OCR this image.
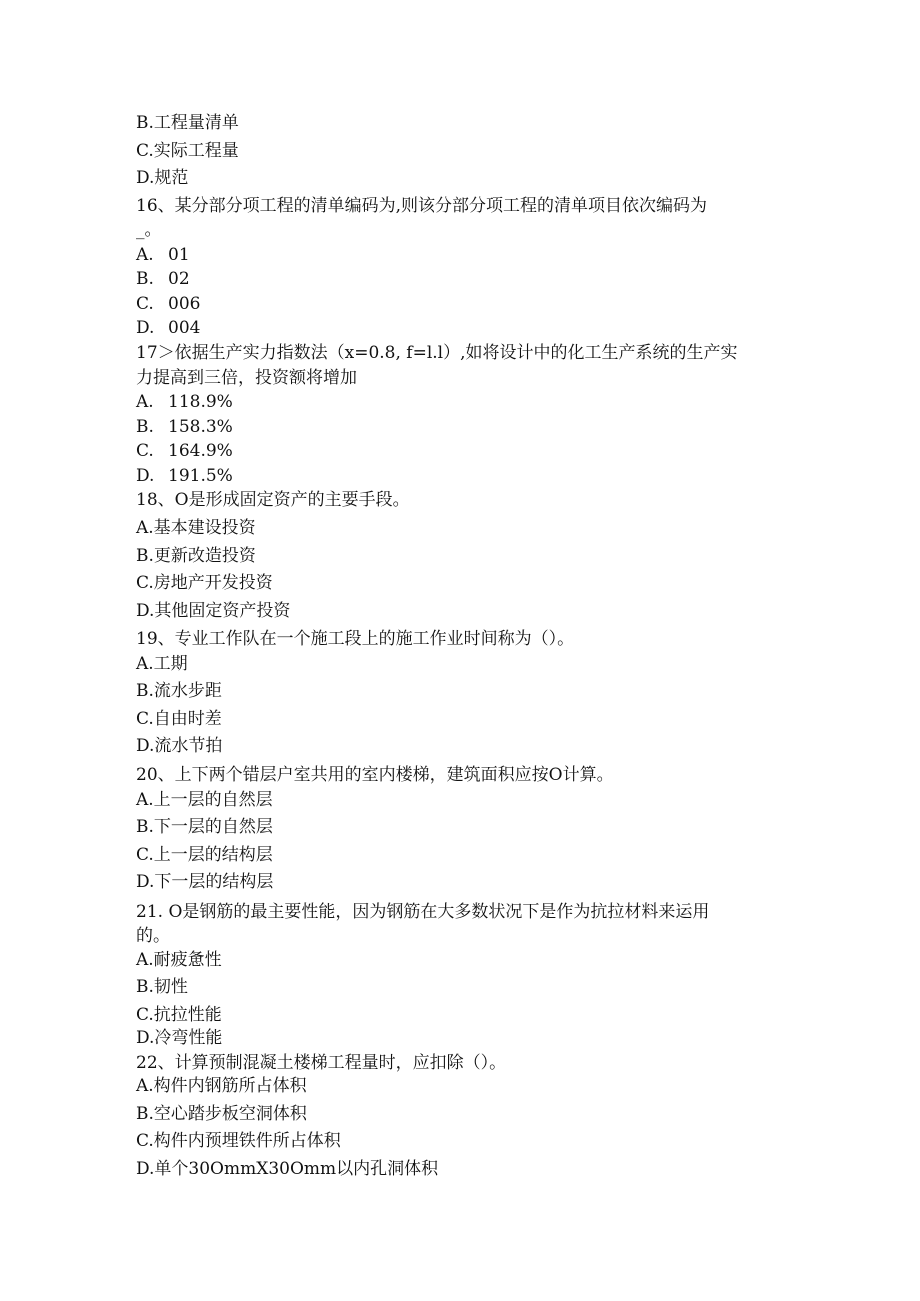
B.工程量清单
C.实际工程量
D.规范
16、某分部分项工程的清单编码为,则该分部分项工程的清单项目依次编码为
_。
A. 01
B. 02
C. 006
D. 004
17＞依据生产实力指数法（x=0.8, f=l.l）,如将设计中的化工生产系统的生产实
力提高到三倍，投资额将增加
A. 118.9%
B. 158.3%
C. 164.9%
D. 191.5%
18、O是形成固定资产的主要手段。
A.基本建设投资
B.更新改造投资
C.房地产开发投资
D.其他固定资产投资
19、专业工作队在一个施工段上的施工作业时间称为（）。
A.工期
B.流水步距
C.自由时差
D.流水节拍
20、上下两个错层户室共用的室内楼梯，建筑面积应按O计算。
A.上一层的自然层
B.下一层的自然层
C.上一层的结构层
D.下一层的结构层
21. O是钢筋的最主要性能，因为钢筋在大多数状况下是作为抗拉材料来运用
的。
A.耐疲惫性
B.韧性
C.抗拉性能
D.冷弯性能
22、计算预制混凝土楼梯工程量时，应扣除（）。
A.构件内钢筋所占体积
B.空心踏步板空洞体积
C.构件内预埋铁件所占体积
D.单个30OmmX30Omm以内孔洞体积
